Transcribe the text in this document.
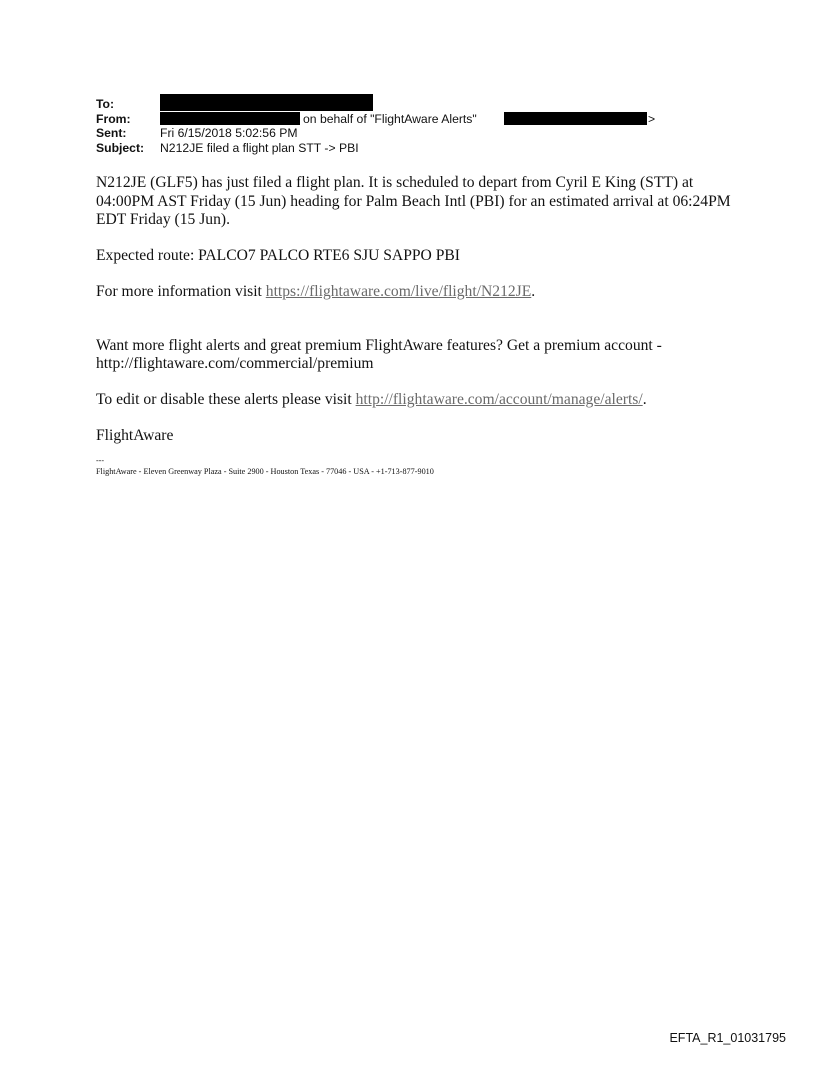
To:
From:	on behalf of "FlightAware Alerts"	>
Sent:	Fri 6/15/2018 5:02:56 PM
Subject: N212JE filed a flight plan STT -> PBI

N212JE (GLF5) has just filed a flight plan. It is scheduled to depart from Cyril E King (STT) at 04:00PM AST Friday (15 Jun) heading for Palm Beach Intl (PBI) for an estimated arrival at 06:24PM EDT Friday (15 Jun).

Expected route: PALCO7 PALCO RTE6 SJU SAPPO PBI

For more information visit https://flightaware.com/live/flight/N212JE.

Want more flight alerts and great premium FlightAware features? Get a premium account - http://flightaware.com/commercial/premium

To edit or disable these alerts please visit http://flightaware.com/account/manage/alerts/.

FlightAware

---
FlightAware - Eleven Greenway Plaza - Suite 2900 - Houston Texas - 77046 - USA - +1-713-877-9010
EFTA_R1_01031795
